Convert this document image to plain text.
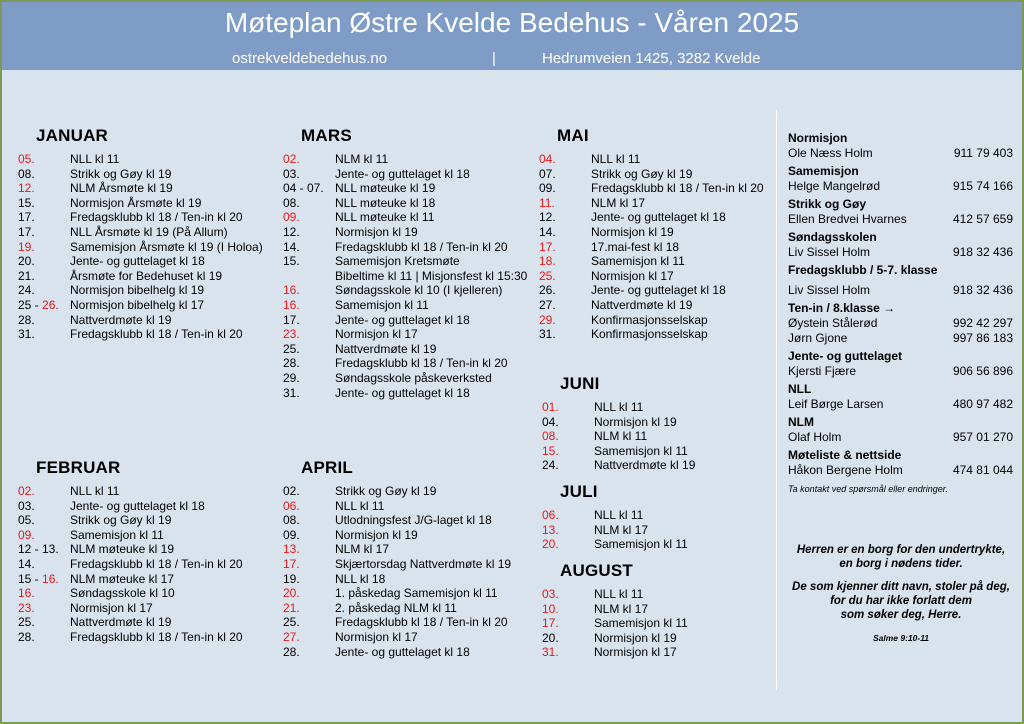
Møteplan Østre Kvelde Bedehus - Våren 2025
ostrekveldebedehus.no	|	Hedrumveien 1425, 3282 Kvelde
JANUAR
05.	NLL kl 11
08.	Strikk og Gøy kl 19
12.	NLM Årsmøte kl 19
15.	Normisjon Årsmøte kl 19
17.	Fredagsklubb kl 18 / Ten-in kl 20
17.	NLL Årsmøte kl 19 (På Allum)
19.	Samemisjon Årsmøte kl 19 (I Holoa)
20.	Jente- og guttelaget kl 18
21.	Årsmøte for Bedehuset kl 19
24.	Normisjon bibelhelg kl 19
25 - 26. Normisjon bibelhelg kl 17
28.	Nattverdmøte kl 19
31.	Fredagsklubb kl 18 / Ten-in kl 20
FEBRUAR
02.	NLL kl 11
03.	Jente- og guttelaget kl 18
05.	Strikk og Gøy kl 19
09.	Samemisjon kl 11
12 - 13. NLM møteuke kl 19
14.	Fredagsklubb kl 18 / Ten-in kl 20
15 - 16. NLM møteuke kl 17
16.	Søndagsskole kl 10
23.	Normisjon kl 17
25.	Nattverdmøte kl 19
28.	Fredagsklubb kl 18 / Ten-in kl 20
MARS
02.	NLM kl 11
03.	Jente- og guttelaget kl 18
04 - 07. NLL møteuke kl 19
08.	NLL møteuke kl 18
09.	NLL møteuke kl 11
12.	Normisjon kl 19
14.	Fredagsklubb kl 18 / Ten-in kl 20
15.	Samemisjon Kretsmøte
Bibeltime kl 11 | Misjonsfest kl 15:30
16.	Søndagsskole kl 10 (I kjelleren)
16.	Samemisjon kl 11
17.	Jente- og guttelaget kl 18
23.	Normisjon kl 17
25.	Nattverdmøte kl 19
28.	Fredagsklubb kl 18 / Ten-in kl 20
29.	Søndagsskole påskeverksted
31.	Jente- og guttelaget kl 18
APRIL
02.	Strikk og Gøy kl 19
06.	NLL kl 11
08.	Utlodningsfest J/G-laget kl 18
09.	Normisjon kl 19
13.	NLM kl 17
17.	Skjærtorsdag Nattverdmøte kl 19
19.	NLL kl 18
20.	1. påskedag Samemisjon kl 11
21.	2. påskedag NLM kl 11
25.	Fredagsklubb kl 18 / Ten-in kl 20
27.	Normisjon kl 17
28.	Jente- og guttelaget kl 18
MAI
04.	NLL kl 11
07.	Strikk og Gøy kl 19
09.	Fredagsklubb kl 18 / Ten-in kl 20
11.	NLM kl 17
12.	Jente- og guttelaget kl 18
14.	Normisjon kl 19
17.	17.mai-fest kl 18
18.	Samemisjon kl 11
25.	Normisjon kl 17
26.	Jente- og guttelaget kl 18
27.	Nattverdmøte kl 19
29.	Konfirmasjonsselskap
31.	Konfirmasjonsselskap
JUNI
01.	NLL kl 11
04.	Normisjon kl 19
08.	NLM kl 11
15.	Samemisjon kl 11
24.	Nattverdmøte kl 19
JULI
06.	NLL kl 11
13.	NLM kl 17
20.	Samemisjon kl 11
AUGUST
03.	NLL kl 11
10.	NLM kl 17
17.	Samemisjon kl 11
20.	Normisjon kl 19
31.	Normisjon kl 17
Normisjon
Ole Næss Holm	911 79 403
Samemisjon
Helge Mangelrød	915 74 166
Strikk og Gøy
Ellen Bredvei Hvarnes	412 57 659
Søndagsskolen
Liv Sissel Holm	918 32 436
Fredagsklubb / 5-7. klasse
Liv Sissel Holm	918 32 436
Ten-in / 8.klasse →
Øystein Stålerød	992 42 297
Jørn Gjone	997 86 183
Jente- og guttelaget
Kjersti Fjære	906 56 896
NLL
Leif Børge Larsen	480 97 482
NLM
Olaf Holm	957 01 270
Møteliste & nettside
Håkon Bergene Holm	474 81 044
Ta kontakt ved spørsmål eller endringer.

Herren er en borg for den undertrykte,
en borg i nødens tider.

De som kjenner ditt navn, stoler på deg,
for du har ikke forlatt dem
som søker deg, Herre.

Salme 9:10-11
